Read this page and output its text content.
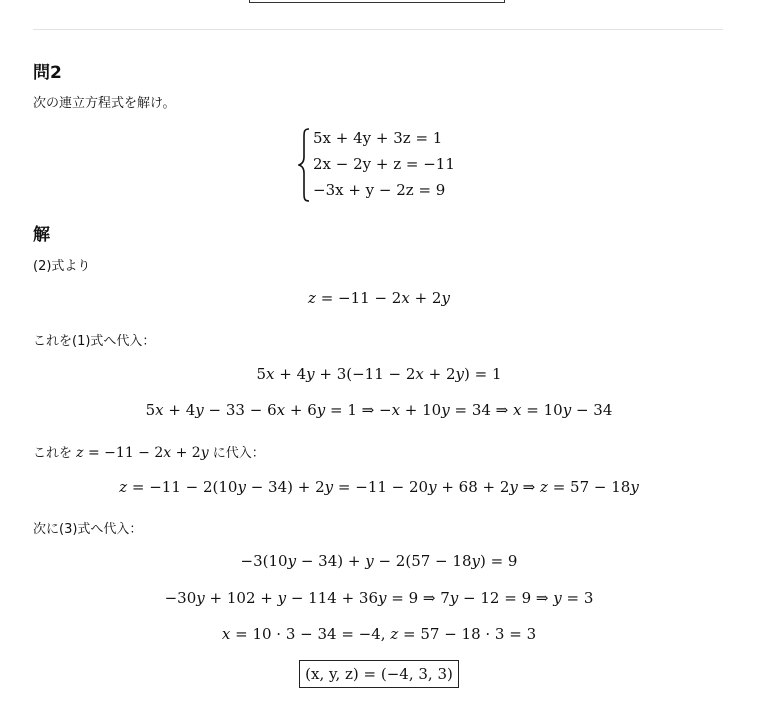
問2
次の連立方程式を解け。
5x + 4y + 3z = 1
2x − 2y + z = −11
−3x + y − 2z = 9
解
(2)式より
z = −11 − 2x + 2y
これを(1)式へ代入：
5x + 4y + 3(−11 − 2x + 2y) = 1
5x + 4y − 33 − 6x + 6y = 1 ⇒ −x + 10y = 34 ⇒ x = 10y − 34
これを z = −11 − 2x + 2y に代入：
z = −11 − 2(10y − 34) + 2y = −11 − 20y + 68 + 2y ⇒ z = 57 − 18y
次に(3)式へ代入：
−3(10y − 34) + y − 2(57 − 18y) = 9
−30y + 102 + y − 114 + 36y = 9 ⇒ 7y − 12 = 9 ⇒ y = 3
x = 10 · 3 − 34 = −4, z = 57 − 18 · 3 = 3
(x, y, z) = (−4, 3, 3)
